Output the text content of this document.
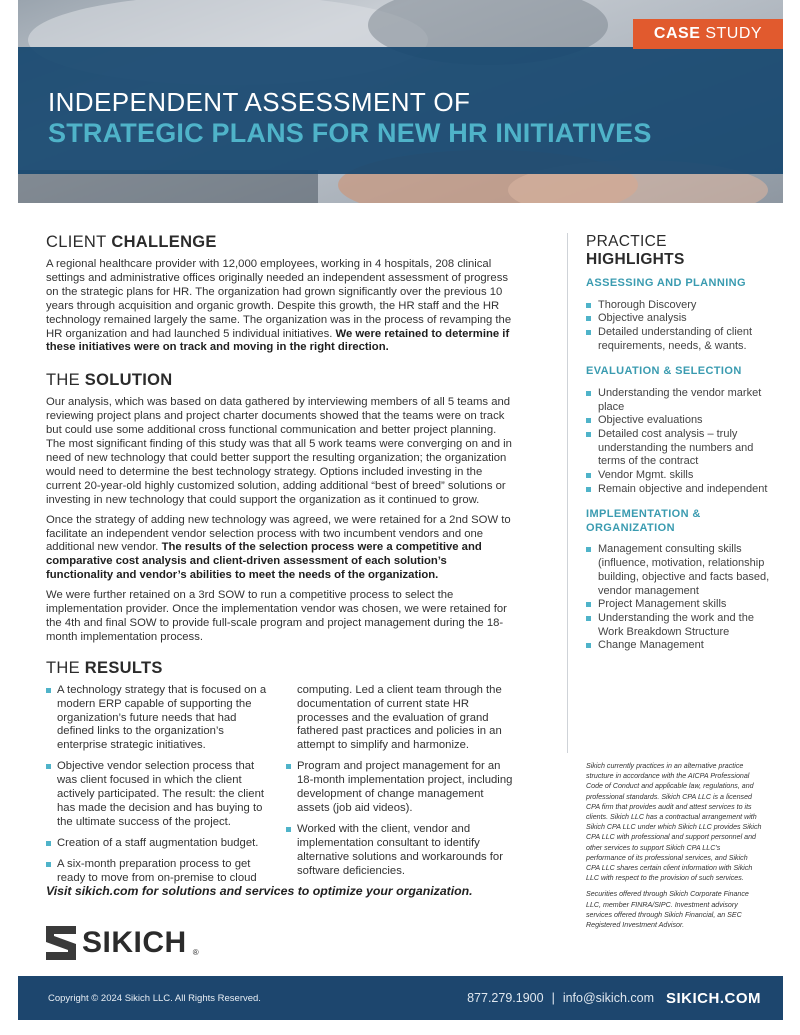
CASE STUDY
INDEPENDENT ASSESSMENT OF
STRATEGIC PLANS FOR NEW HR INITIATIVES
CLIENT CHALLENGE

A regional healthcare provider with 12,000 employees, working in 4 hospitals, 208 clinical settings and administrative offices originally needed an independent assessment of progress on the strategic plans for HR. The organization had grown significantly over the previous 10 years through acquisition and organic growth. Despite this growth, the HR staff and the HR technology remained largely the same. The organization was in the process of revamping the HR organization and had launched 5 individual initiatives. We were retained to determine if these initiatives were on track and moving in the right direction.

THE SOLUTION

Our analysis, which was based on data gathered by interviewing members of all 5 teams and reviewing project plans and project charter documents showed that the teams were on track but could use some additional cross functional communication and better project planning. The most significant finding of this study was that all 5 work teams were converging on and in need of new technology that could better support the resulting organization; the organization would need to determine the best technology strategy. Options included investing in the current 20-year-old highly customized solution, adding additional “best of breed” solutions or investing in new technology that could support the organization as it continued to grow.

Once the strategy of adding new technology was agreed, we were retained for a 2nd SOW to facilitate an independent vendor selection process with two incumbent vendors and one additional new vendor. The results of the selection process were a competitive and comparative cost analysis and client-driven assessment of each solution’s functionality and vendor’s abilities to meet the needs of the organization.

We were further retained on a 3rd SOW to run a competitive process to select the implementation provider. Once the implementation vendor was chosen, we were retained for the 4th and final SOW to provide full-scale program and project management during the 18-month implementation process.

THE RESULTS
A technology strategy that is focused on a modern ERP capable of supporting the organization’s future needs that had defined links to the organization’s enterprise strategic initiatives.
Objective vendor selection process that was client focused in which the client actively participated. The result: the client has made the decision and has buying to the ultimate success of the project.
Creation of a staff augmentation budget.
A six-month preparation process to get ready to move from on-premise to cloud
computing. Led a client team through the documentation of current state HR processes and the evaluation of grand fathered past practices and policies in an attempt to simplify and harmonize.
Program and project management for an 18-month implementation project, including development of change management assets (job aid videos).
Worked with the client, vendor and implementation consultant to identify alternative solutions and workarounds for software deficiencies.

Visit sikich.com for solutions and services to optimize your organization.

SIKICH ®
PRACTICE
HIGHLIGHTS
ASSESSING AND PLANNING
Thorough Discovery
Objective analysis
Detailed understanding of client requirements, needs, & wants.
EVALUATION & SELECTION
Understanding the vendor market place
Objective evaluations
Detailed cost analysis – truly understanding the numbers and terms of the contract
Vendor Mgmt. skills
Remain objective and independent
IMPLEMENTATION & ORGANIZATION
Management consulting skills (influence, motivation, relationship building, objective and facts based, vendor management
Project Management skills
Understanding the work and the Work Breakdown Structure
Change Management

Sikich currently practices in an alternative practice structure in accordance with the AICPA Professional Code of Conduct and applicable law, regulations, and professional standards. Sikich CPA LLC is a licensed CPA firm that provides audit and attest services to its clients. Sikich LLC has a contractual arrangement with Sikich CPA LLC under which Sikich LLC provides Sikich CPA LLC with professional and support personnel and other services to support Sikich CPA LLC’s performance of its professional services, and Sikich CPA LLC shares certain client information with Sikich LLC with respect to the provision of such services.

Securities offered through Sikich Corporate Finance LLC, member FINRA/SIPC. Investment advisory services offered through Sikich Financial, an SEC Registered Investment Advisor.

Copyright © 2024 Sikich LLC. All Rights Reserved.	877.279.1900 | info@sikich.com SIKICH.COM
